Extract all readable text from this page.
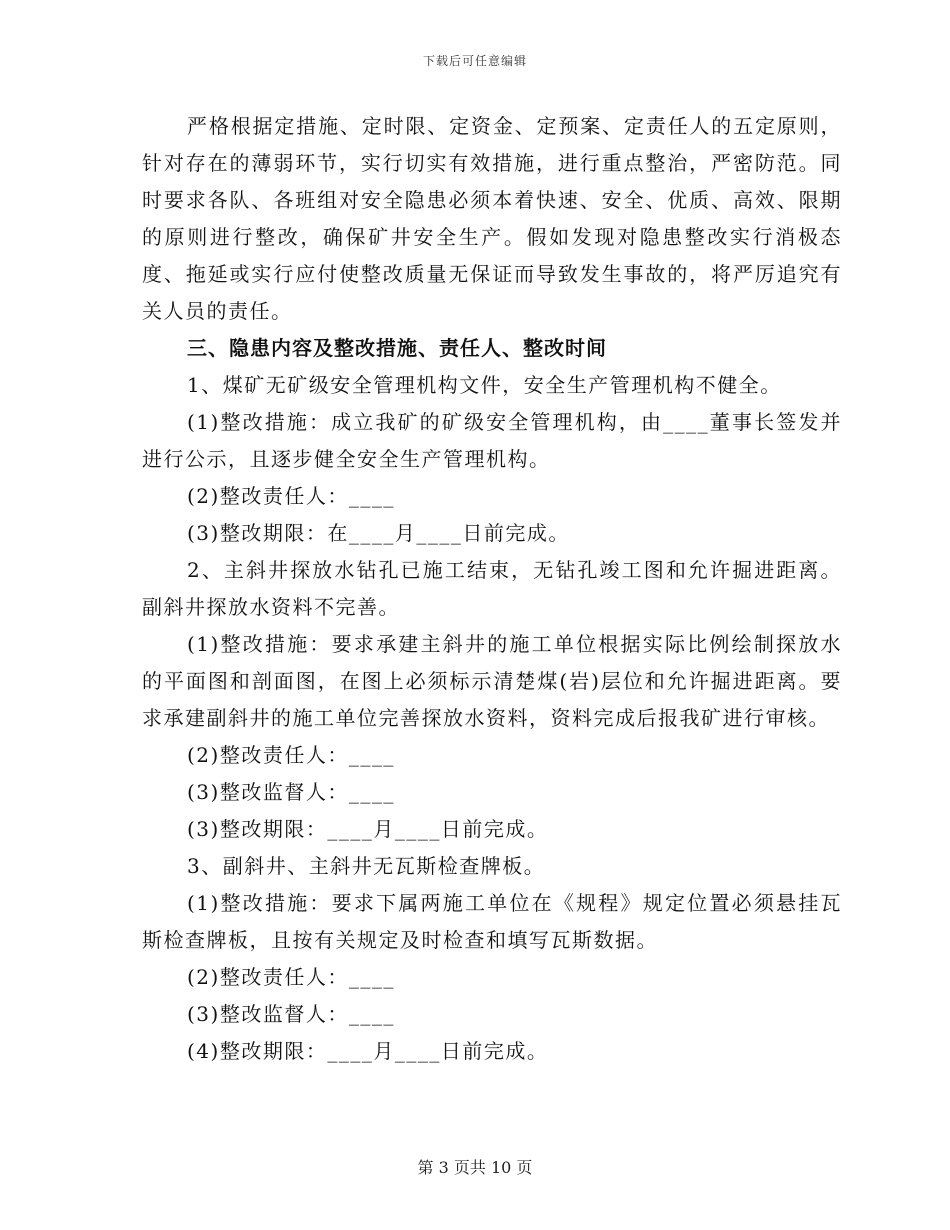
下载后可任意编辑

严格根据定措施、定时限、定资金、定预案、定责任人的五定原则，针对存在的薄弱环节，实行切实有效措施，进行重点整治，严密防范。同时要求各队、各班组对安全隐患必须本着快速、安全、优质、高效、限期的原则进行整改，确保矿井安全生产。假如发现对隐患整改实行消极态度、拖延或实行应付使整改质量无保证而导致发生事故的，将严厉追究有关人员的责任。

三、隐患内容及整改措施、责任人、整改时间

1、煤矿无矿级安全管理机构文件，安全生产管理机构不健全。

(1)整改措施：成立我矿的矿级安全管理机构，由____董事长签发并进行公示，且逐步健全安全生产管理机构。

(2)整改责任人：____

(3)整改期限：在____月____日前完成。

2、主斜井探放水钻孔已施工结束，无钻孔竣工图和允许掘进距离。副斜井探放水资料不完善。

(1)整改措施：要求承建主斜井的施工单位根据实际比例绘制探放水的平面图和剖面图，在图上必须标示清楚煤(岩)层位和允许掘进距离。要求承建副斜井的施工单位完善探放水资料，资料完成后报我矿进行审核。

(2)整改责任人：____

(3)整改监督人：____

(3)整改期限：____月____日前完成。

3、副斜井、主斜井无瓦斯检查牌板。

(1)整改措施：要求下属两施工单位在《规程》规定位置必须悬挂瓦斯检查牌板，且按有关规定及时检查和填写瓦斯数据。

(2)整改责任人：____

(3)整改监督人：____

(4)整改期限：____月____日前完成。

第 3 页共 10 页
